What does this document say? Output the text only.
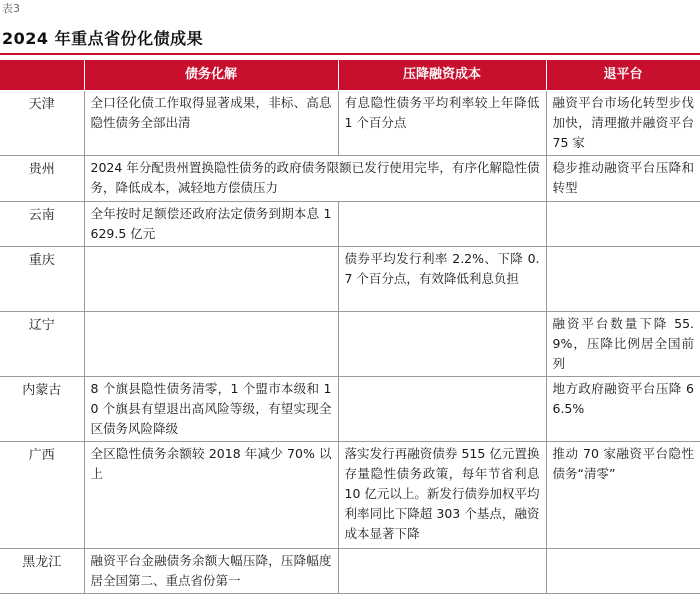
表3
2024 年重点省份化债成果
	债务化解	压降融资成本	退平台
天津	全口径化债工作取得显著成果，非标、高息隐性债务全部出清	有息隐性债务平均利率较上年降低 1 个百分点	融资平台市场化转型步伐加快，清理撤并融资平台 75 家
贵州	2024 年分配贵州置换隐性债务的政府债务限额已发行使用完毕，有序化解隐性债务，降低成本，减轻地方偿债压力		稳步推动融资平台压降和转型
云南	全年按时足额偿还政府法定债务到期本息 1629.5 亿元		
重庆		债券平均发行利率 2.2%、下降 0.7 个百分点，有效降低利息负担	
辽宁			融资平台数量下降 55.9%，压降比例居全国前列
内蒙古	8 个旗县隐性债务清零，1 个盟市本级和 10 个旗县有望退出高风险等级，有望实现全区债务风险降级		地方政府融资平台压降 66.5%
广西	全区隐性债务余额较 2018 年减少 70% 以上	落实发行再融资债券 515 亿元置换存量隐性债务政策，每年节省利息 10 亿元以上。新发行债券加权平均利率同比下降超 303 个基点，融资成本显著下降	推动 70 家融资平台隐性债务“清零”
黑龙江	融资平台金融债务余额大幅压降，压降幅度居全国第二、重点省份第一		
